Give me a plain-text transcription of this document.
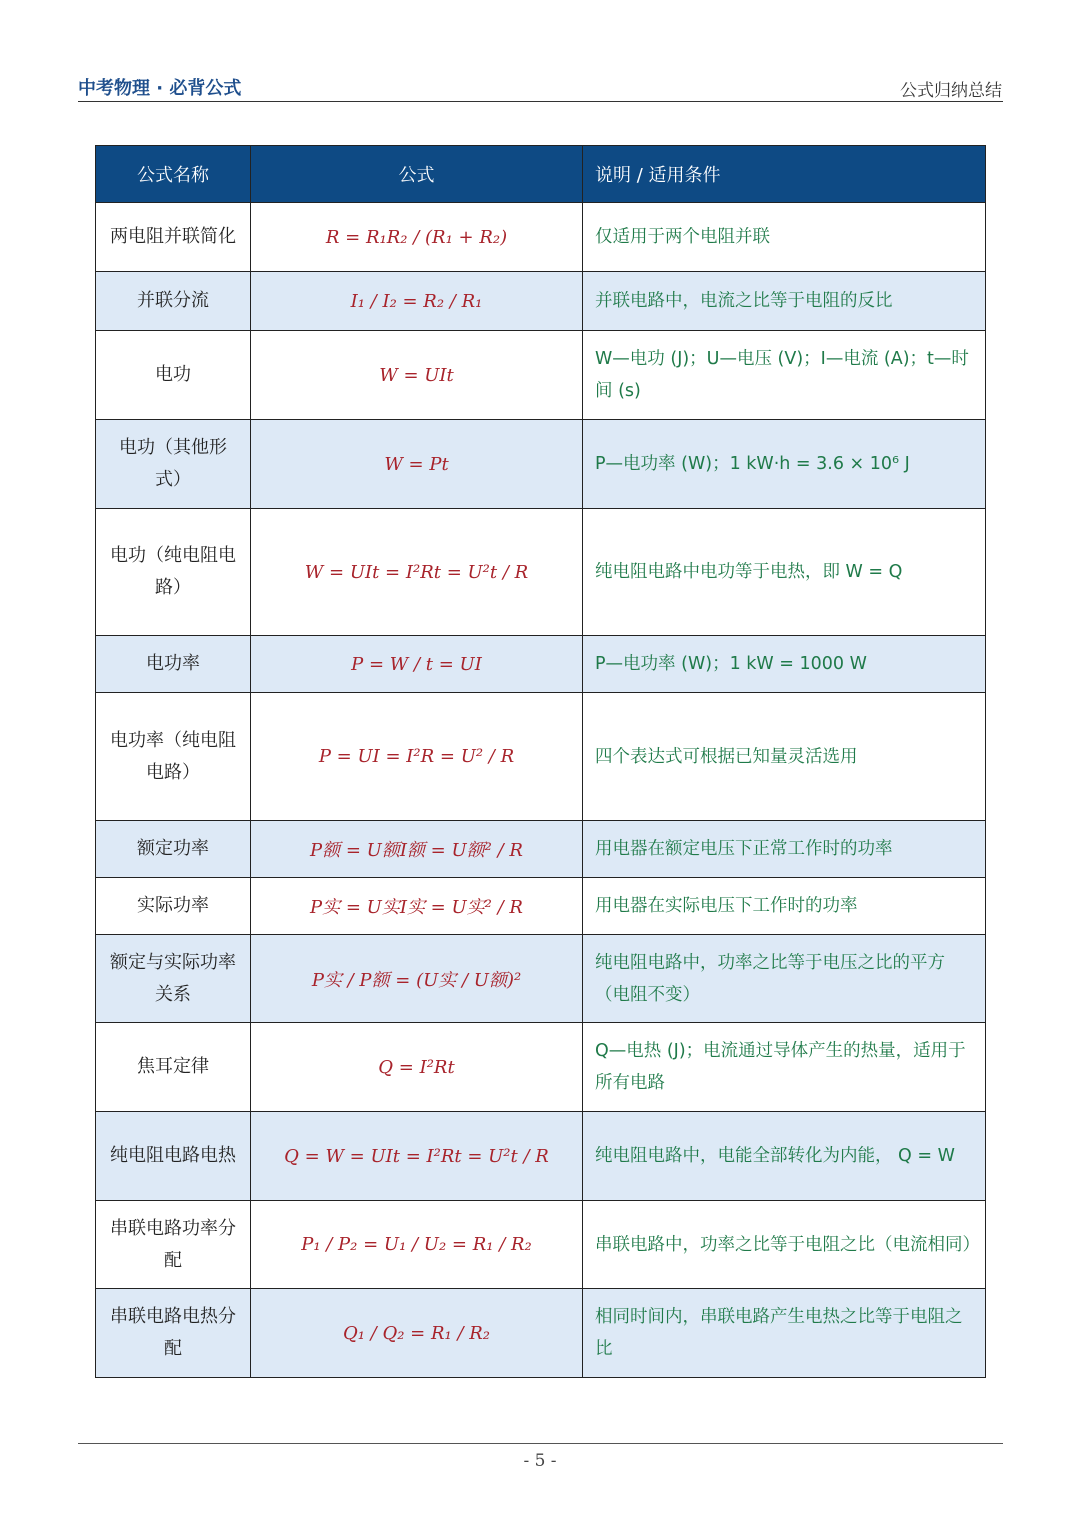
中考物理 · 必背公式	公式归纳总结
公式名称	公式	说明 / 适用条件
两电阻并联简化	R = R₁R₂ / (R₁ + R₂)	仅适用于两个电阻并联
并联分流	I₁ / I₂ = R₂ / R₁	并联电路中，电流之比等于电阻的反比
电功	W = UIt	W—电功 (J)；U—电压 (V)；I—电流 (A)；t—时间 (s)
电功（其他形式）	W = Pt	P—电功率 (W)；1 kW·h = 3.6 × 10⁶ J
电功（纯电阻电路）	W = UIt = I²Rt = U²t / R	纯电阻电路中电功等于电热，即 W = Q
电功率	P = W / t = UI	P—电功率 (W)；1 kW = 1000 W
电功率（纯电阻电路）	P = UI = I²R = U² / R	四个表达式可根据已知量灵活选用
额定功率	P额 = U额I额 = U额² / R	用电器在额定电压下正常工作时的功率
实际功率	P实 = U实I实 = U实² / R	用电器在实际电压下工作时的功率
额定与实际功率关系	P实 / P额 = (U实 / U额)²	纯电阻电路中，功率之比等于电压之比的平方（电阻不变）
焦耳定律	Q = I²Rt	Q—电热 (J)；电流通过导体产生的热量，适用于所有电路
纯电阻电路电热	Q = W = UIt = I²Rt = U²t / R	纯电阻电路中，电能全部转化为内能， Q = W
串联电路功率分配	P₁ / P₂ = U₁ / U₂ = R₁ / R₂	串联电路中，功率之比等于电阻之比（电流相同）
串联电路电热分配	Q₁ / Q₂ = R₁ / R₂	相同时间内，串联电路产生电热之比等于电阻之比
- 5 -
